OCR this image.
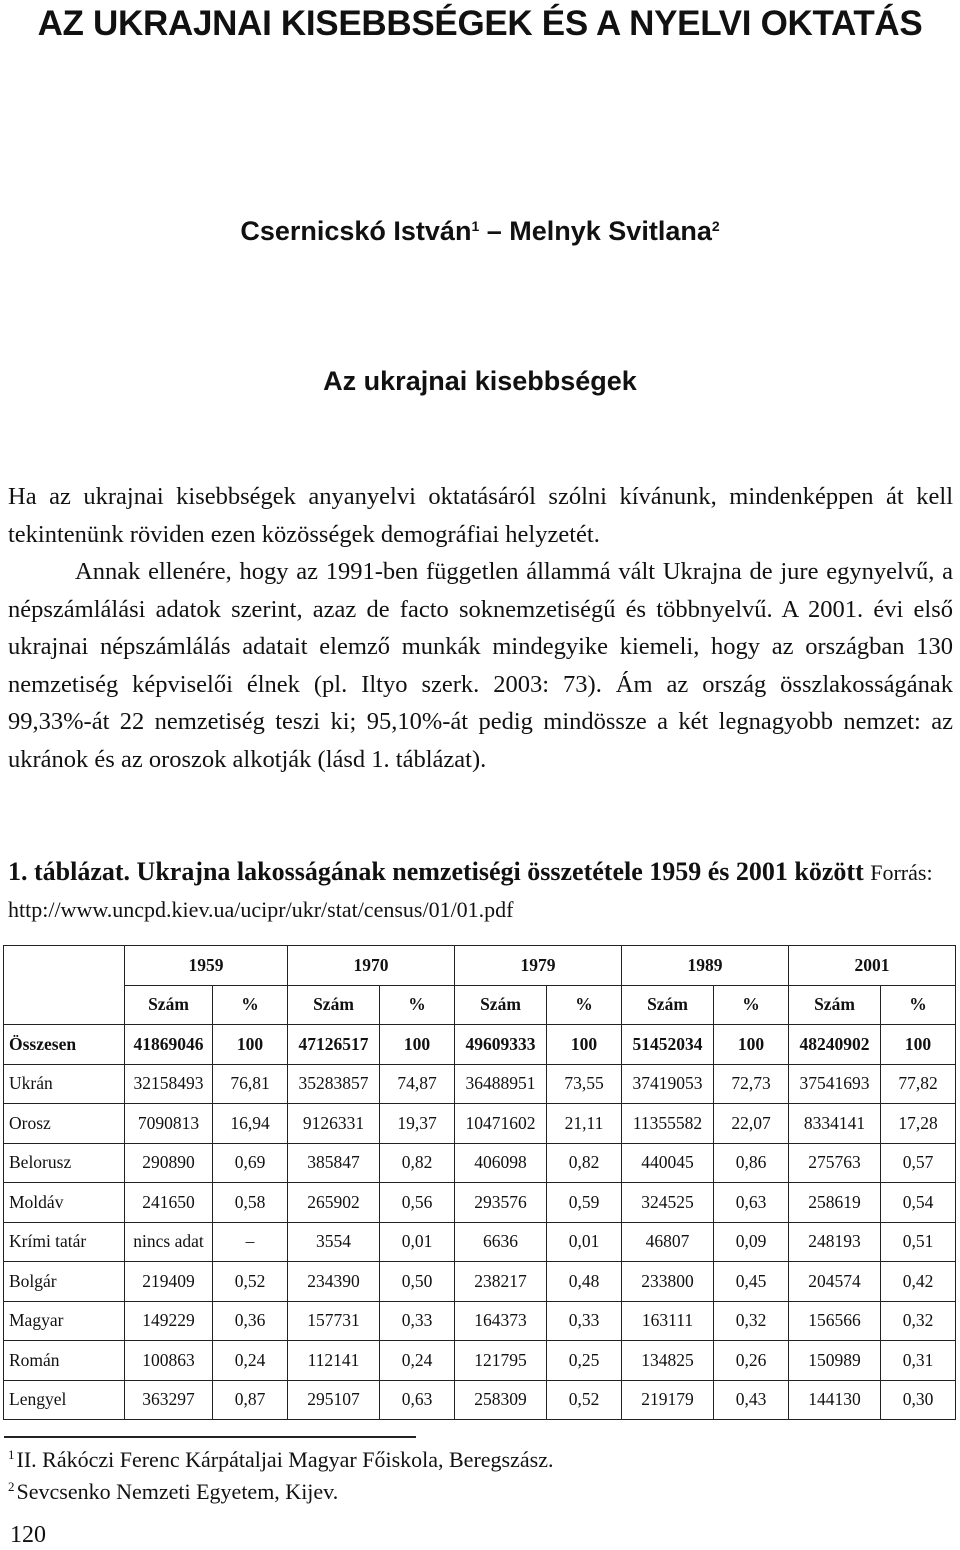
AZ UKRAJNAI KISEBBSÉGEK ÉS A NYELVI OKTATÁS
Csernicskó István$^1$ – Melnyk Svitlana$^2$
Az ukrajnai kisebbségek

Ha az ukrajnai kisebbségek anyanyelvi oktatásáról szólni kívánunk, mindenképpen át kell tekintenünk röviden ezen közösségek demográfiai helyzetét.

Annak ellenére, hogy az 1991-ben független állammá vált Ukrajna de jure egynyelvű, a népszámlálási adatok szerint, azaz de facto soknemzetiségű és többnyelvű. A 2001. évi első ukrajnai népszámlálás adatait elemző munkák mindegyike kiemeli, hogy az országban 130 nemzetiség képviselői élnek (pl. Iltyo szerk. 2003: 73). Ám az ország összlakosságának 99,33%-át 22 nemzetiség teszi ki; 95,10%-át pedig mindössze a két legnagyobb nemzet: az ukránok és az oroszok alkotják (lásd 1. táblázat).

1. táblázat. Ukrajna lakosságának nemzetiségi összetétele 1959 és 2001 között Forrás: http://www.uncpd.kiev.ua/ucipr/ukr/stat/census/01/01.pdf
	1959		1970		1979		1989		2001	
	Szám	%	Szám	%	Szám	%	Szám	%	Szám	%
Összesen	41869046	100	47126517	100	49609333	100	51452034	100	48240902	100
Ukrán	32158493	76,81	35283857	74,87	36488951	73,55	37419053	72,73	37541693	77,82
Orosz	7090813	16,94	9126331	19,37	10471602	21,11	11355582	22,07	8334141	17,28
Belorusz	290890	0,69	385847	0,82	406098	0,82	440045	0,86	275763	0,57
Moldáv	241650	0,58	265902	0,56	293576	0,59	324525	0,63	258619	0,54
Krími tatár	nincs adat	–	3554	0,01	6636	0,01	46807	0,09	248193	0,51
Bolgár	219409	0,52	234390	0,50	238217	0,48	233800	0,45	204574	0,42
Magyar	149229	0,36	157731	0,33	164373	0,33	163111	0,32	156566	0,32
Román	100863	0,24	112141	0,24	121795	0,25	134825	0,26	150989	0,31
Lengyel	363297	0,87	295107	0,63	258309	0,52	219179	0,43	144130	0,30
$^1$II. Rákóczi Ferenc Kárpátaljai Magyar Főiskola, Beregszász.
$^2$Sevcsenko Nemzeti Egyetem, Kijev.
120
